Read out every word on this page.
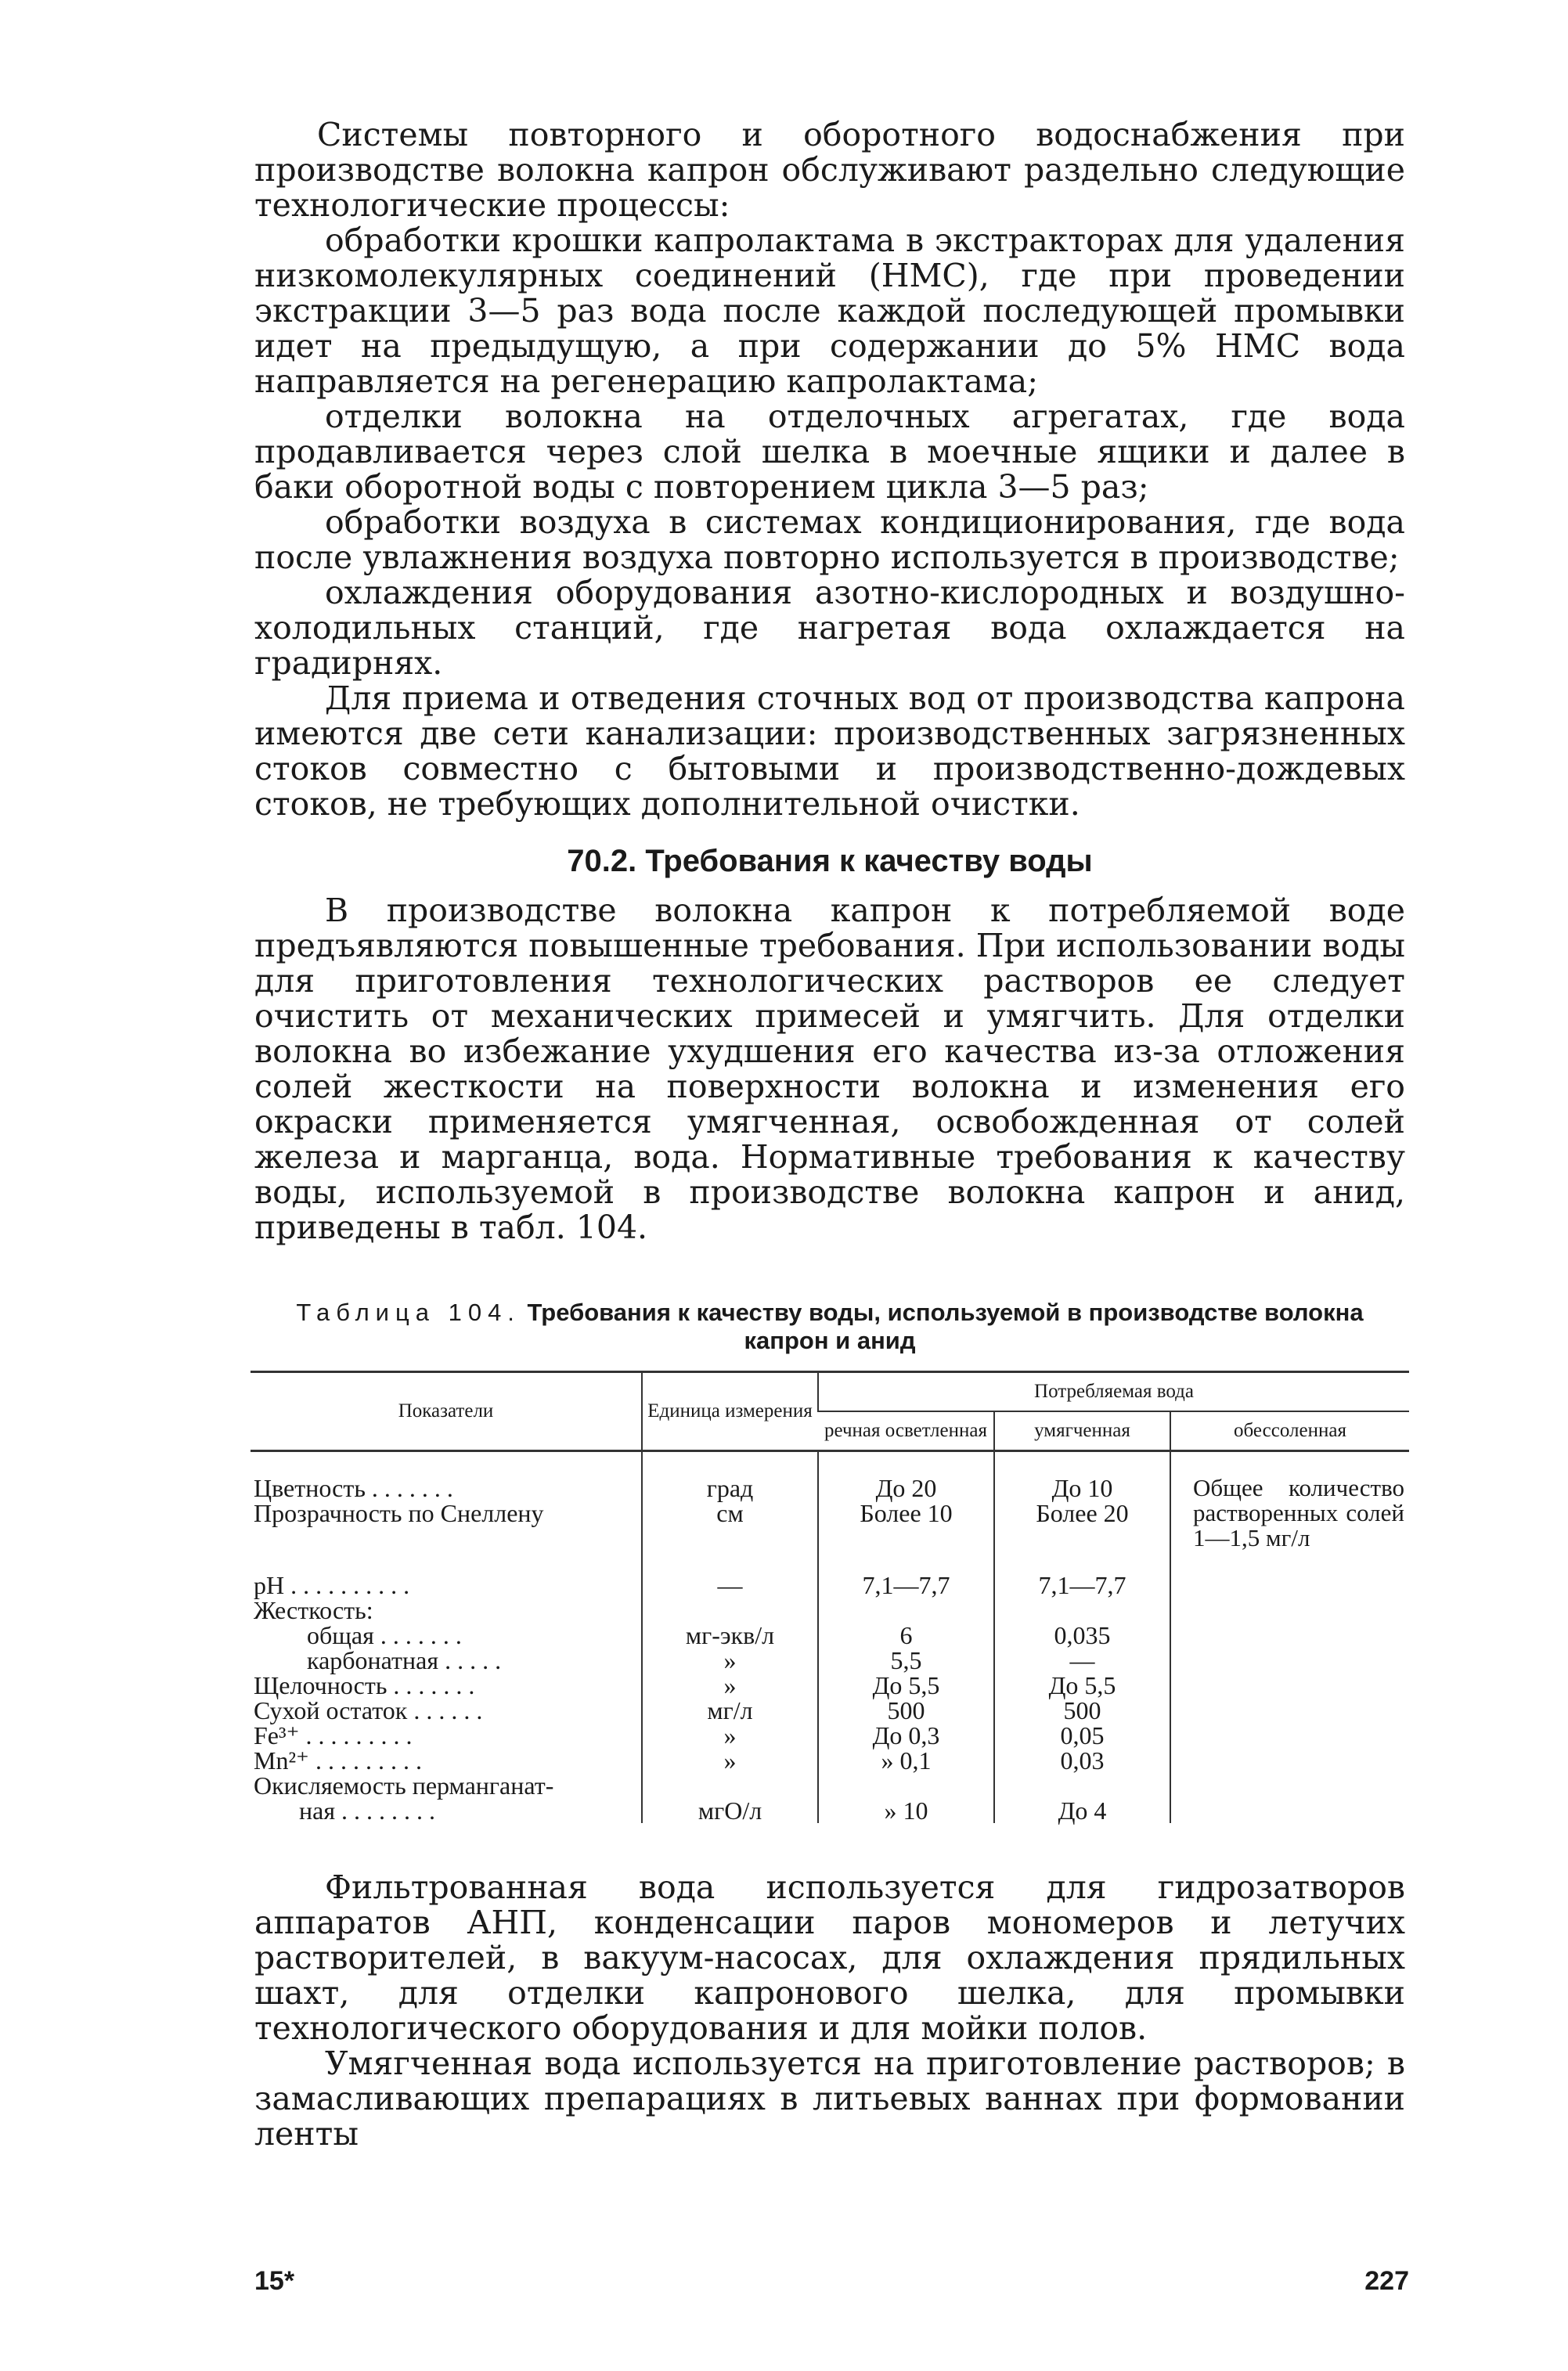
Системы повторного и оборотного водоснабжения при производстве волокна капрон обслуживают раздельно следующие технологические процессы:

обработки крошки капролактама в экстракторах для удаления низкомолекулярных соединений (НМС), где при проведении экстракции 3—5 раз вода после каждой последующей промывки идет на предыдущую, а при содержании до 5% НМС вода направляется на регенерацию капролактама;

отделки волокна на отделочных агрегатах, где вода продавливается через слой шелка в моечные ящики и далее в баки оборотной воды с повторением цикла 3—5 раз;

обработки воздуха в системах кондиционирования, где вода после увлажнения воздуха повторно используется в производстве;

охлаждения оборудования азотно-кислородных и воздушно-холодильных станций, где нагретая вода охлаждается на градирнях.

Для приема и отведения сточных вод от производства капрона имеются две сети канализации: производственных загрязненных стоков совместно с бытовыми и производственно-дождевых стоков, не требующих дополнительной очистки.

70.2. Требования к качеству воды

В производстве волокна капрон к потребляемой воде предъявляются повышенные требования. При использовании воды для приготовления технологических растворов ее следует очистить от механических примесей и умягчить. Для отделки волокна во избежание ухудшения его качества из-за отложения солей жесткости на поверхности волокна и изменения его окраски применяется умягченная, освобожденная от солей железа и марганца, вода. Нормативные требования к качеству воды, используемой в производстве волокна капрон и анид, приведены в табл. 104.

Таблица 104. Требования к качеству воды, используемой в производстве волокна капрон и анид
Показатели	Единица измерения	Потребляемая вода		
		речная осветленная	умягченная	обессоленная
Цветность . . . . . . .	град	До 20	До 10	Общее количество растворенных солей 1—1,5 мг/л
Прозрачность по Снеллену	см	Более 10	Более 20	

pH . . . . . . . . . .	—	7,1—7,7	7,1—7,7	
Жесткость:				
общая . . . . . . .	мг-экв/л	6	0,035	
карбонатная . . . . .	»	5,5	—	
Щелочность . . . . . . .	»	До 5,5	До 5,5	
Сухой остаток . . . . . .	мг/л	500	500	
Fe³⁺ . . . . . . . . .	»	До 0,3	0,05	
Mn²⁺ . . . . . . . . .	»	» 0,1	0,03	
Окисляемость перманганат-				
ная . . . . . . . .	мгО/л	» 10	До 4	

Фильтрованная вода используется для гидрозатворов аппаратов АНП, конденсации паров мономеров и летучих растворителей, в вакуум-насосах, для охлаждения прядильных шахт, для отделки капронового шелка, для промывки технологического оборудования и для мойки полов.

Умягченная вода используется на приготовление растворов; в замасливающих препарациях в литьевых ваннах при формовании ленты

15*	227
